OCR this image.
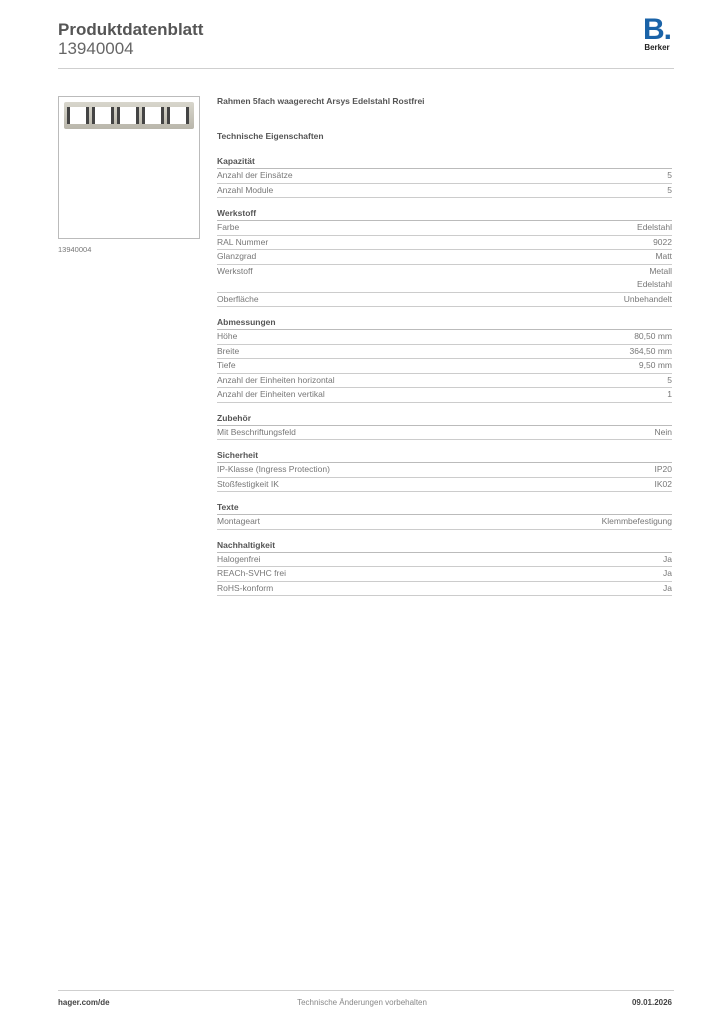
Produktdatenblatt
13940004
B.
Berker
13940004
Rahmen 5fach waagerecht Arsys Edelstahl Rostfrei
Technische Eigenschaften
Kapazität
Anzahl der Einsätze	5
Anzahl Module	5
Werkstoff
Farbe	Edelstahl
RAL Nummer	9022
Glanzgrad	Matt
Werkstoff	Metall
Edelstahl
Oberfläche	Unbehandelt
Abmessungen
Höhe	80,50 mm
Breite	364,50 mm
Tiefe	9,50 mm
Anzahl der Einheiten horizontal	5
Anzahl der Einheiten vertikal	1
Zubehör
Mit Beschriftungsfeld	Nein
Sicherheit
IP-Klasse (Ingress Protection)	IP20
Stoßfestigkeit IK	IK02
Texte
Montageart	Klemmbefestigung
Nachhaltigkeit
Halogenfrei	Ja
REACh-SVHC frei	Ja
RoHS-konform	Ja
hager.com/de	Technische Änderungen vorbehalten	09.01.2026
